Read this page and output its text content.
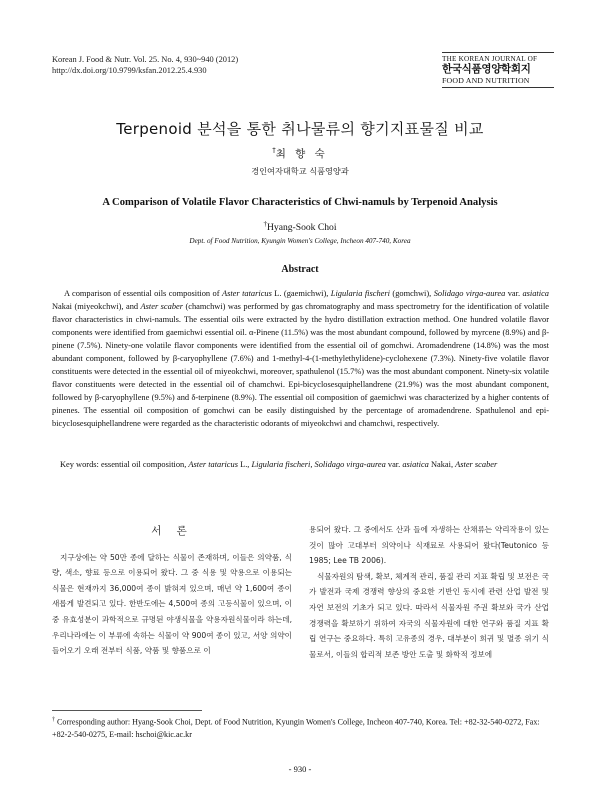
Korean J. Food & Nutr. Vol. 25. No. 4, 930~940 (2012)
http://dx.doi.org/10.9799/ksfan.2012.25.4.930
THE KOREAN JOURNAL OF
한국식품영양학회지
FOOD AND NUTRITION
Terpenoid 분석을 통한 취나물류의 향기지표물질 비교
†최 향 숙
경인여자대학교 식품영양과
A Comparison of Volatile Flavor Characteristics of Chwi-namuls by Terpenoid Analysis
†Hyang-Sook Choi
Dept. of Food Nutrition, Kyungin Women's College, Incheon 407-740, Korea
Abstract

A comparison of essential oils composition of Aster tataricus L. (gaemichwi), Ligularia fischeri (gomchwi), Solidago virga-aurea var. asiatica Nakai (miyeokchwi), and Aster scaber (chamchwi) was performed by gas chromatography and mass spectrometry for the identification of volatile flavor characteristics in chwi-namuls. The essential oils were extracted by the hydro distillation extraction method. One hundred volatile flavor components were identified from gaemichwi essential oil. α-Pinene (11.5%) was the most abundant compound, followed by myrcene (8.9%) and β-pinene (7.5%). Ninety-one volatile flavor components were identified from the essential oil of gomchwi. Aromadendrene (14.8%) was the most abundant component, followed by β-caryophyllene (7.6%) and 1-methyl-4-(1-methylethylidene)-cyclohexene (7.3%). Ninety-five volatile flavor constituents were detected in the essential oil of miyeokchwi, moreover, spathulenol (15.7%) was the most abundant component. Ninety-six volatile flavor constituents were detected in the essential oil of chamchwi. Epi-bicyclosesquiphellandrene (21.9%) was the most abundant component, followed by β-caryophyllene (9.5%) and δ-terpinene (8.9%). The essential oil composition of gaemichwi was characterized by a higher contents of pinenes. The essential oil composition of gomchwi can be easily distinguished by the percentage of aromadendrene. Spathulenol and epi-bicyclosesquiphellandrene were regarded as the characteristic odorants of miyeokchwi and chamchwi, respectively.

Key words: essential oil composition, Aster tataricus L., Ligularia fischeri, Solidago virga-aurea var. asiatica Nakai, Aster scaber

서 론

지구상에는 약 50만 종에 달하는 식물이 존재하며, 이들은 의약품, 식량, 색소, 향료 등으로 이용되어 왔다. 그 중 식용 및 약용으로 이용되는 식물은 현재까지 36,000여 종이 밝혀져 있으며, 매년 약 1,600여 종이 새롭게 발견되고 있다. 한반도에는 4,500여 종의 고등식물이 있으며, 이 중 유효성분이 과학적으로 규명된 야생식물을 약용자원식물이라 하는데, 우리나라에는 이 부류에 속하는 식물이 약 900여 종이 있고, 서양 의약이 들어오기 오래 전부터 식품, 약품 및 향품으로 이

용되어 왔다. 그 중에서도 산과 들에 자생하는 산채류는 약리작용이 있는 것이 많아 고대부터 의약이나 식재료로 사용되어 왔다(Teutonico 등 1985; Lee TB 2006).

식물자원의 탐색, 확보, 체계적 관리, 품질 관리 지표 확립 및 보전은 국가 발전과 국제 경쟁력 향상의 중요한 기반인 동시에 관련 산업 발전 및 자연 보전의 기초가 되고 있다. 따라서 식물자원 주권 확보와 국가 산업 경쟁력을 확보하기 위하여 자국의 식물자원에 대한 연구와 품질 지표 확립 연구는 중요하다. 특히 고유종의 경우, 대부분이 희귀 및 멸종 위기 식물로서, 이들의 합리적 보존 방안 도출 및 화학적 정보에

† Corresponding author: Hyang-Sook Choi, Dept. of Food Nutrition, Kyungin Women's College, Incheon 407-740, Korea. Tel: +82-32-540-0272, Fax: +82-2-540-0275, E-mail: hschoi@kic.ac.kr
- 930 -
